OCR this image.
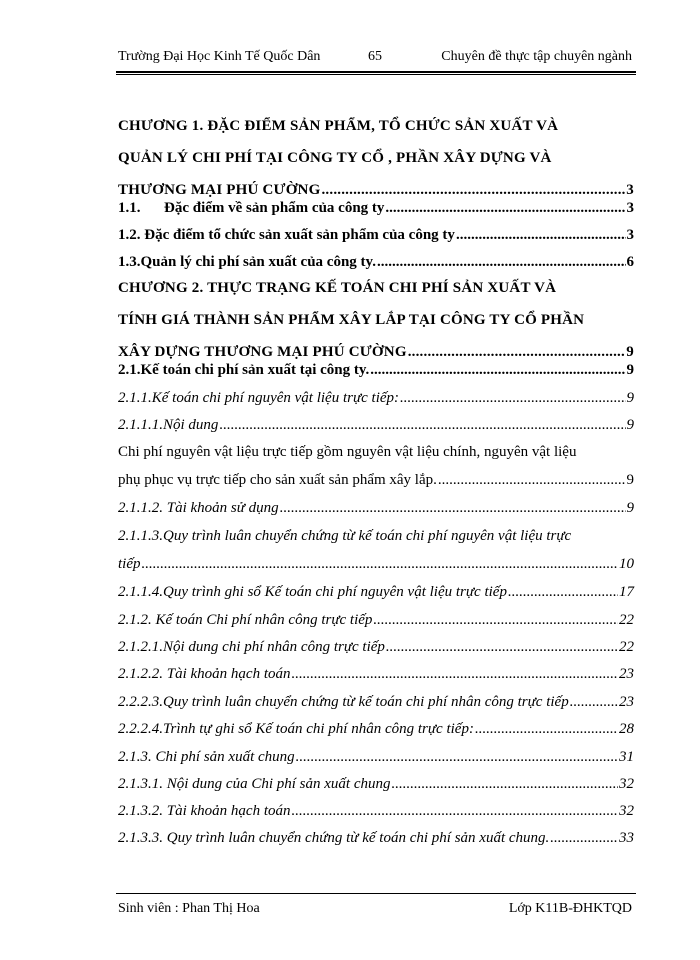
Trường Đại Học Kinh Tế Quốc Dân	65	Chuyên đề thực tập chuyên ngành
CHƯƠNG 1. ĐẶC ĐIỂM SẢN PHẨM, TỔ CHỨC SẢN XUẤT VÀ
QUẢN LÝ CHI PHÍ TẠI CÔNG TY CỔ , PHẦN XÂY DỰNG VÀ
THƯƠNG MẠI PHÚ CƯỜNG .....	3
1.1. Đặc điểm về sản phẩm của công ty .....	3
1.2. Đặc điểm tổ chức sản xuất sản phẩm của công ty .....	3
1.3.Quản lý chi phí sản xuất của công ty. .....	6
CHƯƠNG 2. THỰC TRẠNG KẾ TOÁN CHI PHÍ SẢN XUẤT VÀ
TÍNH GIÁ THÀNH SẢN PHẨM XÂY LẮP TẠI CÔNG TY CỔ PHẦN
XÂY DỰNG THƯƠNG MẠI PHÚ CƯỜNG .....	9
2.1.Kế toán chi phí sản xuất tại công ty. .....	9
2.1.1.Kế toán chi phí nguyên vật liệu trực tiếp: .....	9
2.1.1.1.Nội dung .....	9
Chi phí nguyên vật liệu trực tiếp gồm nguyên vật liệu chính, nguyên vật liệu
phụ phục vụ trực tiếp cho sản xuất sản phẩm xây lắp. .....	9
2.1.1.2. Tài khoản sử dụng .....	9
2.1.1.3.Quy trình luân chuyển chứng từ kế toán chi phí nguyên vật liệu trực
tiếp .....	10
2.1.1.4.Quy trình ghi sổ Kế toán chi phí nguyên vật liệu trực tiếp .....	17
2.1.2. Kế toán Chi phí nhân công trực tiếp .....	22
2.1.2.1.Nội dung chi phí nhân công trực tiếp .....	22
2.1.2.2. Tài khoản hạch toán .....	23
2.2.2.3.Quy trình luân chuyển chứng từ kế toán chi phí nhân công trực tiếp .....	23
2.2.2.4.Trình tự ghi sổ Kế toán chi phí nhân công trực tiếp: .....	28
2.1.3. Chi phí sản xuất chung .....	31
2.1.3.1. Nội dung của Chi phí sản xuất chung .....	32
2.1.3.2. Tài khoản hạch toán .....	32
2.1.3.3. Quy trình luân chuyển chứng từ kế toán chi phí sản xuất chung. .....	33
Sinh viên : Phan Thị Hoa	Lớp K11B-ĐHKTQD
